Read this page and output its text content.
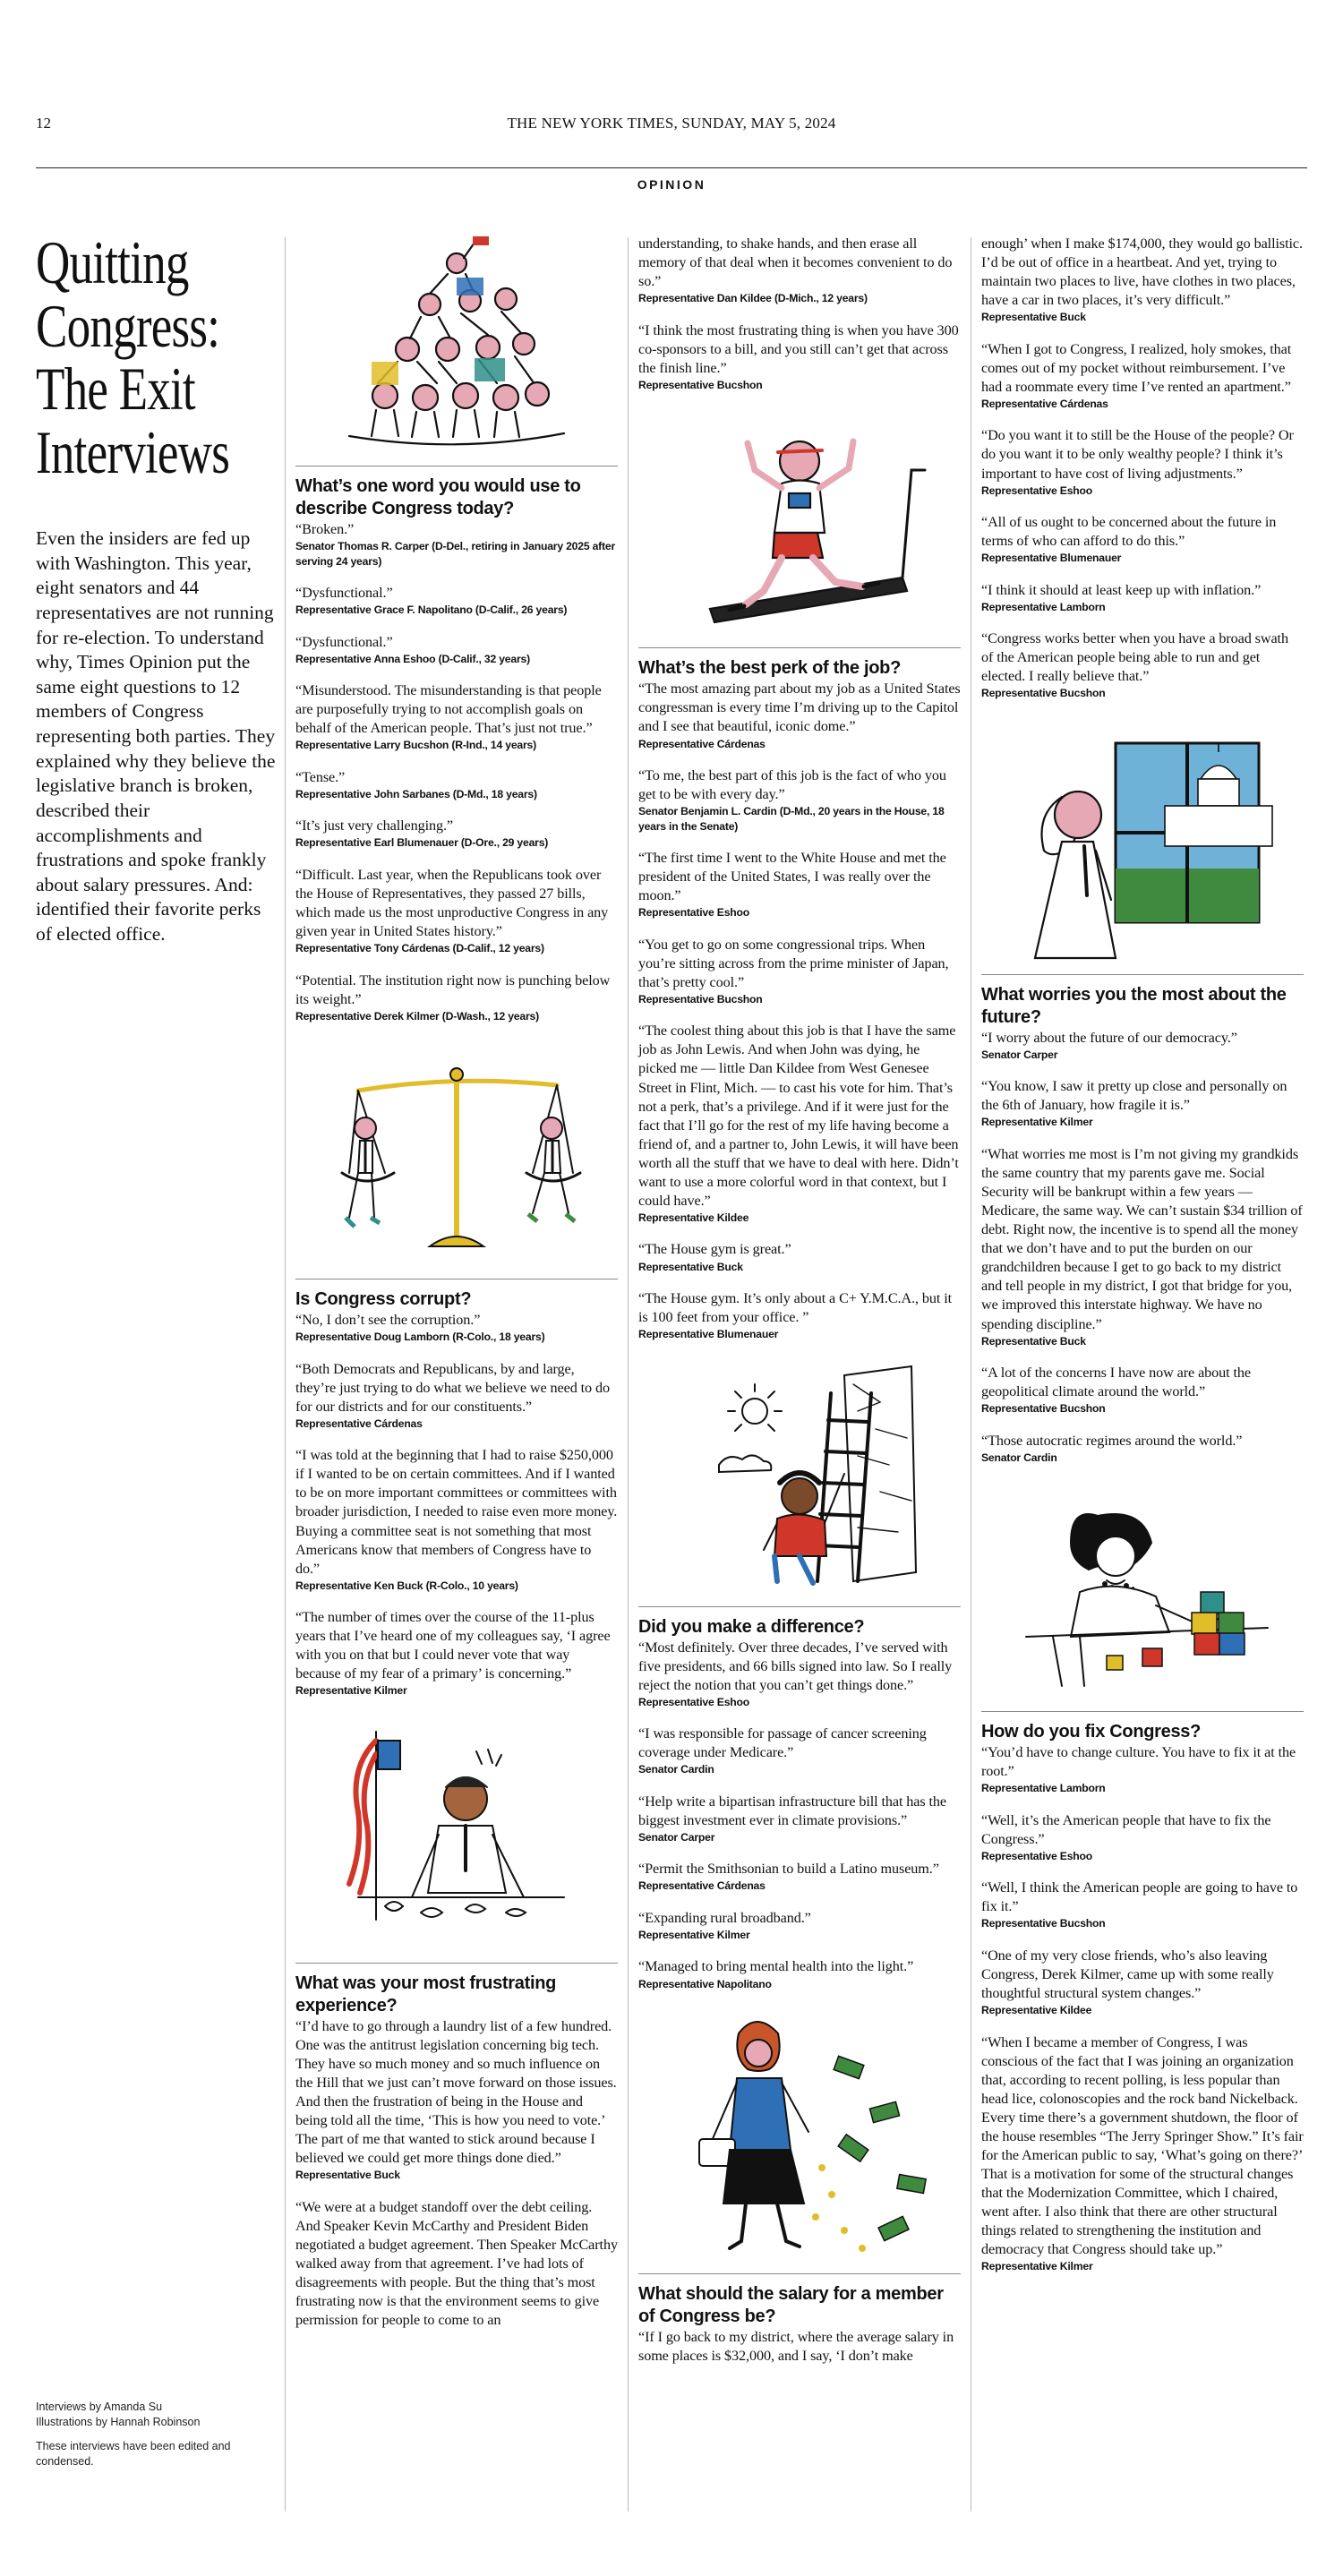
12	THE NEW YORK TIMES, SUNDAY, MAY 5, 2024
OPINION
Quitting Congress: The Exit Interviews

Even the insiders are fed up with Washington. This year, eight senators and 44 representatives are not running for re-election. To understand why, Times Opinion put the same eight questions to 12 members of Congress representing both parties. They explained why they believe the legislative branch is broken, described their accomplishments and frustrations and spoke frankly about salary pressures. And: identified their favorite perks of elected office.

Interviews by Amanda Su
Illustrations by Hannah Robinson

These interviews have been edited and condensed.

What’s one word you would use to describe Congress today?

“Broken.”

Senator Thomas R. Carper (D-Del., retiring in January 2025 after serving 24 years)

“Dysfunctional.”

Representative Grace F. Napolitano (D-Calif., 26 years)

“Dysfunctional.”

Representative Anna Eshoo (D-Calif., 32 years)

“Misunderstood. The misunderstanding is that people are purposefully trying to not accomplish goals on behalf of the American people. That’s just not true.”

Representative Larry Bucshon (R-Ind., 14 years)

“Tense.”

Representative John Sarbanes (D-Md., 18 years)

“It’s just very challenging.”

Representative Earl Blumenauer (D-Ore., 29 years)

“Difficult. Last year, when the Republicans took over the House of Representatives, they passed 27 bills, which made us the most unproductive Congress in any given year in United States history.”

Representative Tony Cárdenas (D-Calif., 12 years)

“Potential. The institution right now is punching below its weight.”

Representative Derek Kilmer (D-Wash., 12 years)

Is Congress corrupt?

“No, I don’t see the corruption.”

Representative Doug Lamborn (R-Colo., 18 years)

“Both Democrats and Republicans, by and large, they’re just trying to do what we believe we need to do for our districts and for our constituents.”

Representative Cárdenas

“I was told at the beginning that I had to raise $250,000 if I wanted to be on certain committees. And if I wanted to be on more important committees or committees with broader jurisdiction, I needed to raise even more money. Buying a committee seat is not something that most Americans know that members of Congress have to do.”

Representative Ken Buck (R-Colo., 10 years)

“The number of times over the course of the 11-plus years that I’ve heard one of my colleagues say, ‘I agree with you on that but I could never vote that way because of my fear of a primary’ is concerning.”

Representative Kilmer

What was your most frustrating experience?

“I’d have to go through a laundry list of a few hundred. One was the antitrust legislation concerning big tech. They have so much money and so much influence on the Hill that we just can’t move forward on those issues. And then the frustration of being in the House and being told all the time, ‘This is how you need to vote.’ The part of me that wanted to stick around because I believed we could get more things done died.”

Representative Buck

“We were at a budget standoff over the debt ceiling. And Speaker Kevin McCarthy and President Biden negotiated a budget agreement. Then Speaker McCarthy walked away from that agreement. I’ve had lots of disagreements with people. But the thing that’s most frustrating now is that the environment seems to give permission for people to come to an

understanding, to shake hands, and then erase all memory of that deal when it becomes convenient to do so.”

Representative Dan Kildee (D-Mich., 12 years)

“I think the most frustrating thing is when you have 300 co-sponsors to a bill, and you still can’t get that across the finish line.”

Representative Bucshon

What’s the best perk of the job?

“The most amazing part about my job as a United States congressman is every time I’m driving up to the Capitol and I see that beautiful, iconic dome.”

Representative Cárdenas

“To me, the best part of this job is the fact of who you get to be with every day.”

Senator Benjamin L. Cardin (D-Md., 20 years in the House, 18 years in the Senate)

“The first time I went to the White House and met the president of the United States, I was really over the moon.”

Representative Eshoo

“You get to go on some congressional trips. When you’re sitting across from the prime minister of Japan, that’s pretty cool.”

Representative Bucshon

“The coolest thing about this job is that I have the same job as John Lewis. And when John was dying, he picked me — little Dan Kildee from West Genesee Street in Flint, Mich. — to cast his vote for him. That’s not a perk, that’s a privilege. And if it were just for the fact that I’ll go for the rest of my life having become a friend of, and a partner to, John Lewis, it will have been worth all the stuff that we have to deal with here. Didn’t want to use a more colorful word in that context, but I could have.”

Representative Kildee

“The House gym is great.”

Representative Buck

“The House gym. It’s only about a C+ Y.M.C.A., but it is 100 feet from your office. ”

Representative Blumenauer

Did you make a difference?

“Most definitely. Over three decades, I’ve served with five presidents, and 66 bills signed into law. So I really reject the notion that you can’t get things done.”

Representative Eshoo

“I was responsible for passage of cancer screening coverage under Medicare.”

Senator Cardin

“Help write a bipartisan infrastructure bill that has the biggest investment ever in climate provisions.”

Senator Carper

“Permit the Smithsonian to build a Latino museum.”

Representative Cárdenas

“Expanding rural broadband.”

Representative Kilmer

“Managed to bring mental health into the light.”

Representative Napolitano

What should the salary for a member of Congress be?

“If I go back to my district, where the average salary in some places is $32,000, and I say, ‘I don’t make

enough’ when I make $174,000, they would go ballistic. I’d be out of office in a heartbeat. And yet, trying to maintain two places to live, have clothes in two places, have a car in two places, it’s very difficult.”

Representative Buck

“When I got to Congress, I realized, holy smokes, that comes out of my pocket without reimbursement. I’ve had a roommate every time I’ve rented an apartment.”

Representative Cárdenas

“Do you want it to still be the House of the people? Or do you want it to be only wealthy people? I think it’s important to have cost of living adjustments.”

Representative Eshoo

“All of us ought to be concerned about the future in terms of who can afford to do this.”

Representative Blumenauer

“I think it should at least keep up with inflation.”

Representative Lamborn

“Congress works better when you have a broad swath of the American people being able to run and get elected. I really believe that.”

Representative Bucshon

What worries you the most about the future?

“I worry about the future of our democracy.”

Senator Carper

“You know, I saw it pretty up close and personally on the 6th of January, how fragile it is.”

Representative Kilmer

“What worries me most is I’m not giving my grandkids the same country that my parents gave me. Social Security will be bankrupt within a few years — Medicare, the same way. We can’t sustain $34 trillion of debt. Right now, the incentive is to spend all the money that we don’t have and to put the burden on our grandchildren because I get to go back to my district and tell people in my district, I got that bridge for you, we improved this interstate highway. We have no spending discipline.”

Representative Buck

“A lot of the concerns I have now are about the geopolitical climate around the world.”

Representative Bucshon

“Those autocratic regimes around the world.”

Senator Cardin

How do you fix Congress?

“You’d have to change culture. You have to fix it at the root.”

Representative Lamborn

“Well, it’s the American people that have to fix the Congress.”

Representative Eshoo

“Well, I think the American people are going to have to fix it.”

Representative Bucshon

“One of my very close friends, who’s also leaving Congress, Derek Kilmer, came up with some really thoughtful structural system changes.”

Representative Kildee

“When I became a member of Congress, I was conscious of the fact that I was joining an organization that, according to recent polling, is less popular than head lice, colonoscopies and the rock band Nickelback. Every time there’s a government shutdown, the floor of the house resembles “The Jerry Springer Show.” It’s fair for the American public to say, ‘What’s going on there?’ That is a motivation for some of the structural changes that the Modernization Committee, which I chaired, went after. I also think that there are other structural things related to strengthening the institution and democracy that Congress should take up.”

Representative Kilmer
